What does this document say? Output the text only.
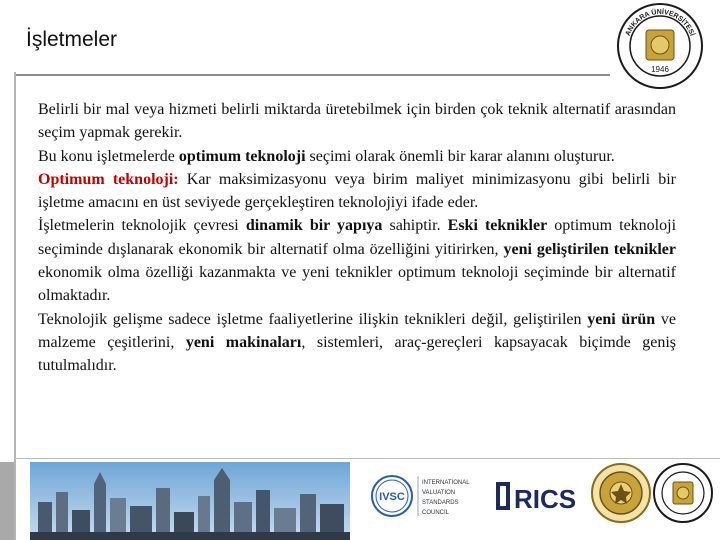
İşletmeler	ANKARA ÜNİVERSİTESİ
1946

Belirli bir mal veya hizmeti belirli miktarda üretebilmek için birden çok teknik alternatif arasından seçim yapmak gerekir.

Bu konu işletmelerde optimum teknoloji seçimi olarak önemli bir karar alanını oluşturur.

Optimum teknoloji: Kar maksimizasyonu veya birim maliyet minimizasyonu gibi belirli bir işletme amacını en üst seviyede gerçekleştiren teknolojiyi ifade eder.

İşletmelerin teknolojik çevresi dinamik bir yapıya sahiptir. Eski teknikler optimum teknoloji seçiminde dışlanarak ekonomik bir alternatif olma özelliğini yitirirken, yeni geliştirilen teknikler ekonomik olma özelliği kazanmakta ve yeni teknikler optimum teknoloji seçiminde bir alternatif olmaktadır.

Teknolojik gelişme sadece işletme faaliyetlerine ilişkin teknikleri değil, geliştirilen yeni ürün ve malzeme çeşitlerini, yeni makinaları, sistemleri, araç-gereçleri kapsayacak biçimde geniş tutulmalıdır.

IVSC
INTERNATIONAL
VALUATION
STANDARDS
COUNCIL RICS
